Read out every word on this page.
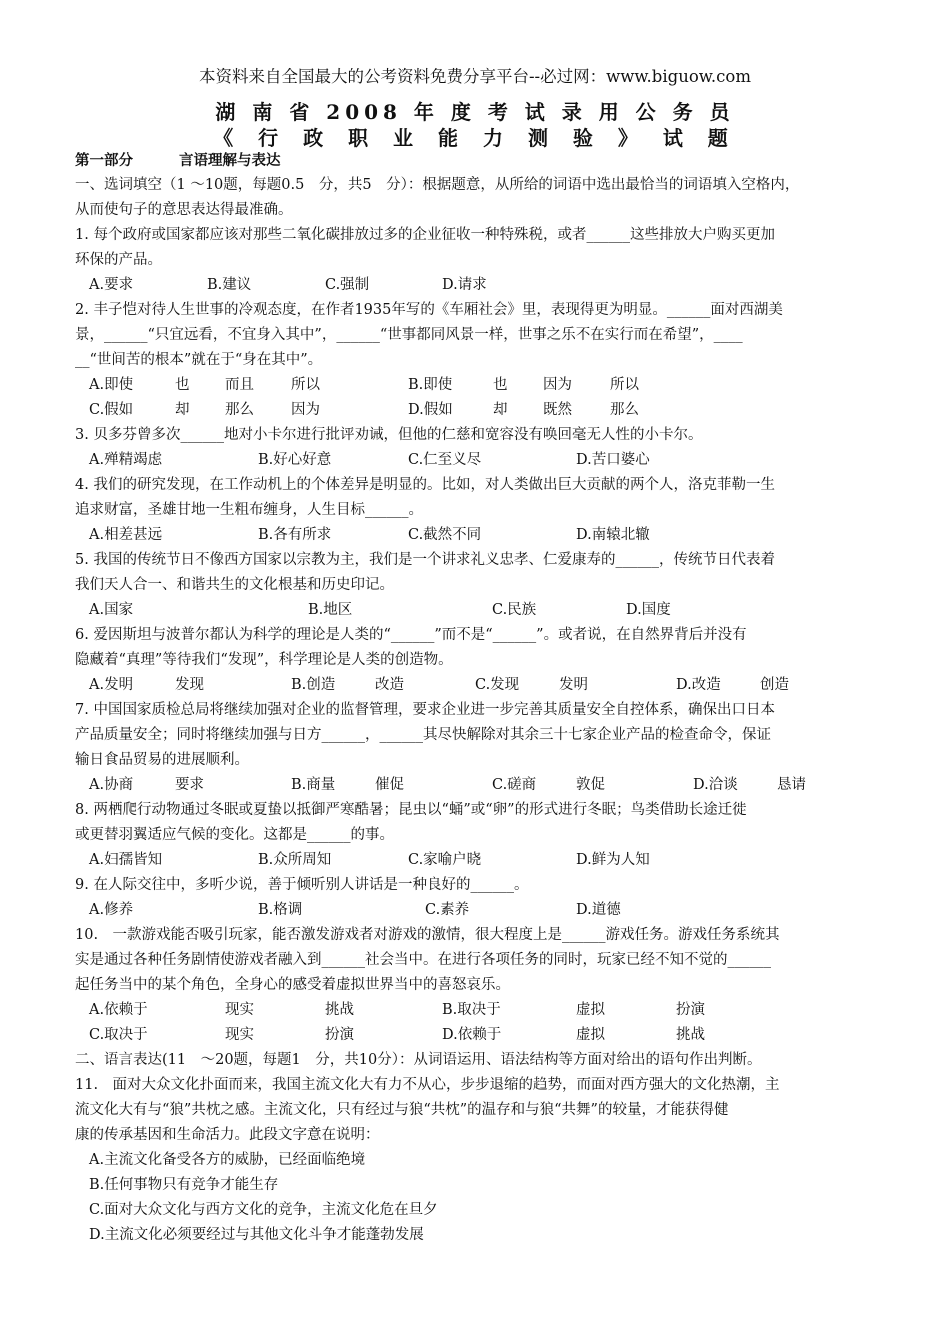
本资料来自全国最大的公考资料免费分享平台--必过网：www.biguow.com
湖 南 省 2008 年 度 考 试 录 用 公 务 员
《 行 政 职 业 能 力 测 验 》 试 题
第一部分	言语理解与表达
一、选词填空（1 ～10题，每题0.5　分，共5　分）：根据题意，从所给的词语中选出最恰当的词语填入空格内，
从而使句子的意思表达得最准确。
1. 每个政府或国家都应该对那些二氧化碳排放过多的企业征收一种特殊税，或者______这些排放大户购买更加
环保的产品。
A.要求	B.建议	C.强制	D.请求
2. 丰子恺对待人生世事的冷观态度，在作者1935年写的《车厢社会》里，表现得更为明显。______面对西湖美
景，______“只宜远看，不宜身入其中”，______“世事都同风景一样，世事之乐不在实行而在希望”，____
__“世间苦的根本”就在于“身在其中”。
A.即使	也 而且	所以	B.即使	也 因为	所以
C.假如	却 那么	因为	D.假如	却 既然	那么
3. 贝多芬曾多次______地对小卡尔进行批评劝诫，但他的仁慈和宽容没有唤回毫无人性的小卡尔。
A.殚精竭虑	B.好心好意	C.仁至义尽	D.苦口婆心
4. 我们的研究发现，在工作动机上的个体差异是明显的。比如，对人类做出巨大贡献的两个人，洛克菲勒一生
追求财富，圣雄甘地一生粗布缠身，人生目标______。
A.相差甚远	B.各有所求	C.截然不同	D.南辕北辙
5. 我国的传统节日不像西方国家以宗教为主，我们是一个讲求礼义忠孝、仁爱康寿的______，传统节日代表着
我们天人合一、和谐共生的文化根基和历史印记。
A.国家	B.地区	C.民族	D.国度
6. 爱因斯坦与波普尔都认为科学的理论是人类的“______”而不是“______”。或者说，在自然界背后并没有
隐藏着“真理”等待我们“发现”，科学理论是人类的创造物。
A.发明	发现	B.创造	改造	C.发现	发明	D.改造	创造
7. 中国国家质检总局将继续加强对企业的监督管理，要求企业进一步完善其质量安全自控体系，确保出口日本
产品质量安全；同时将继续加强与日方______，______其尽快解除对其余三十七家企业产品的检查命令，保证
输日食品贸易的进展顺利。
A.协商	要求	B.商量	催促	C.磋商	敦促	D.洽谈	恳请
8. 两栖爬行动物通过冬眠或夏蛰以抵御严寒酷暑；昆虫以“蛹”或“卵”的形式进行冬眠；鸟类借助长途迁徙
或更替羽翼适应气候的变化。这都是______的事。
A.妇孺皆知	B.众所周知	C.家喻户晓	D.鲜为人知
9. 在人际交往中，多听少说，善于倾听别人讲话是一种良好的______。
A.修养	B.格调	C.素养	D.道德
10.　一款游戏能否吸引玩家，能否激发游戏者对游戏的激情，很大程度上是______游戏任务。游戏任务系统其
实是通过各种任务剧情使游戏者融入到______社会当中。在进行各项任务的同时，玩家已经不知不觉的______
起任务当中的某个角色，全身心的感受着虚拟世界当中的喜怒哀乐。
A.依赖于	现实	挑战	B.取决于	虚拟	扮演
C.取决于	现实	扮演	D.依赖于	虚拟	挑战
二、语言表达(11　～20题，每题1　分，共10分）：从词语运用、语法结构等方面对给出的语句作出判断。
11.　面对大众文化扑面而来，我国主流文化大有力不从心，步步退缩的趋势，而面对西方强大的文化热潮，主
流文化大有与“狼”共枕之感。主流文化，只有经过与狼“共枕”的温存和与狼“共舞”的较量，才能获得健
康的传承基因和生命活力。此段文字意在说明：
A.主流文化备受各方的威胁，已经面临绝境
B.任何事物只有竞争才能生存
C.面对大众文化与西方文化的竞争，主流文化危在旦夕
D.主流文化必须要经过与其他文化斗争才能蓬勃发展
